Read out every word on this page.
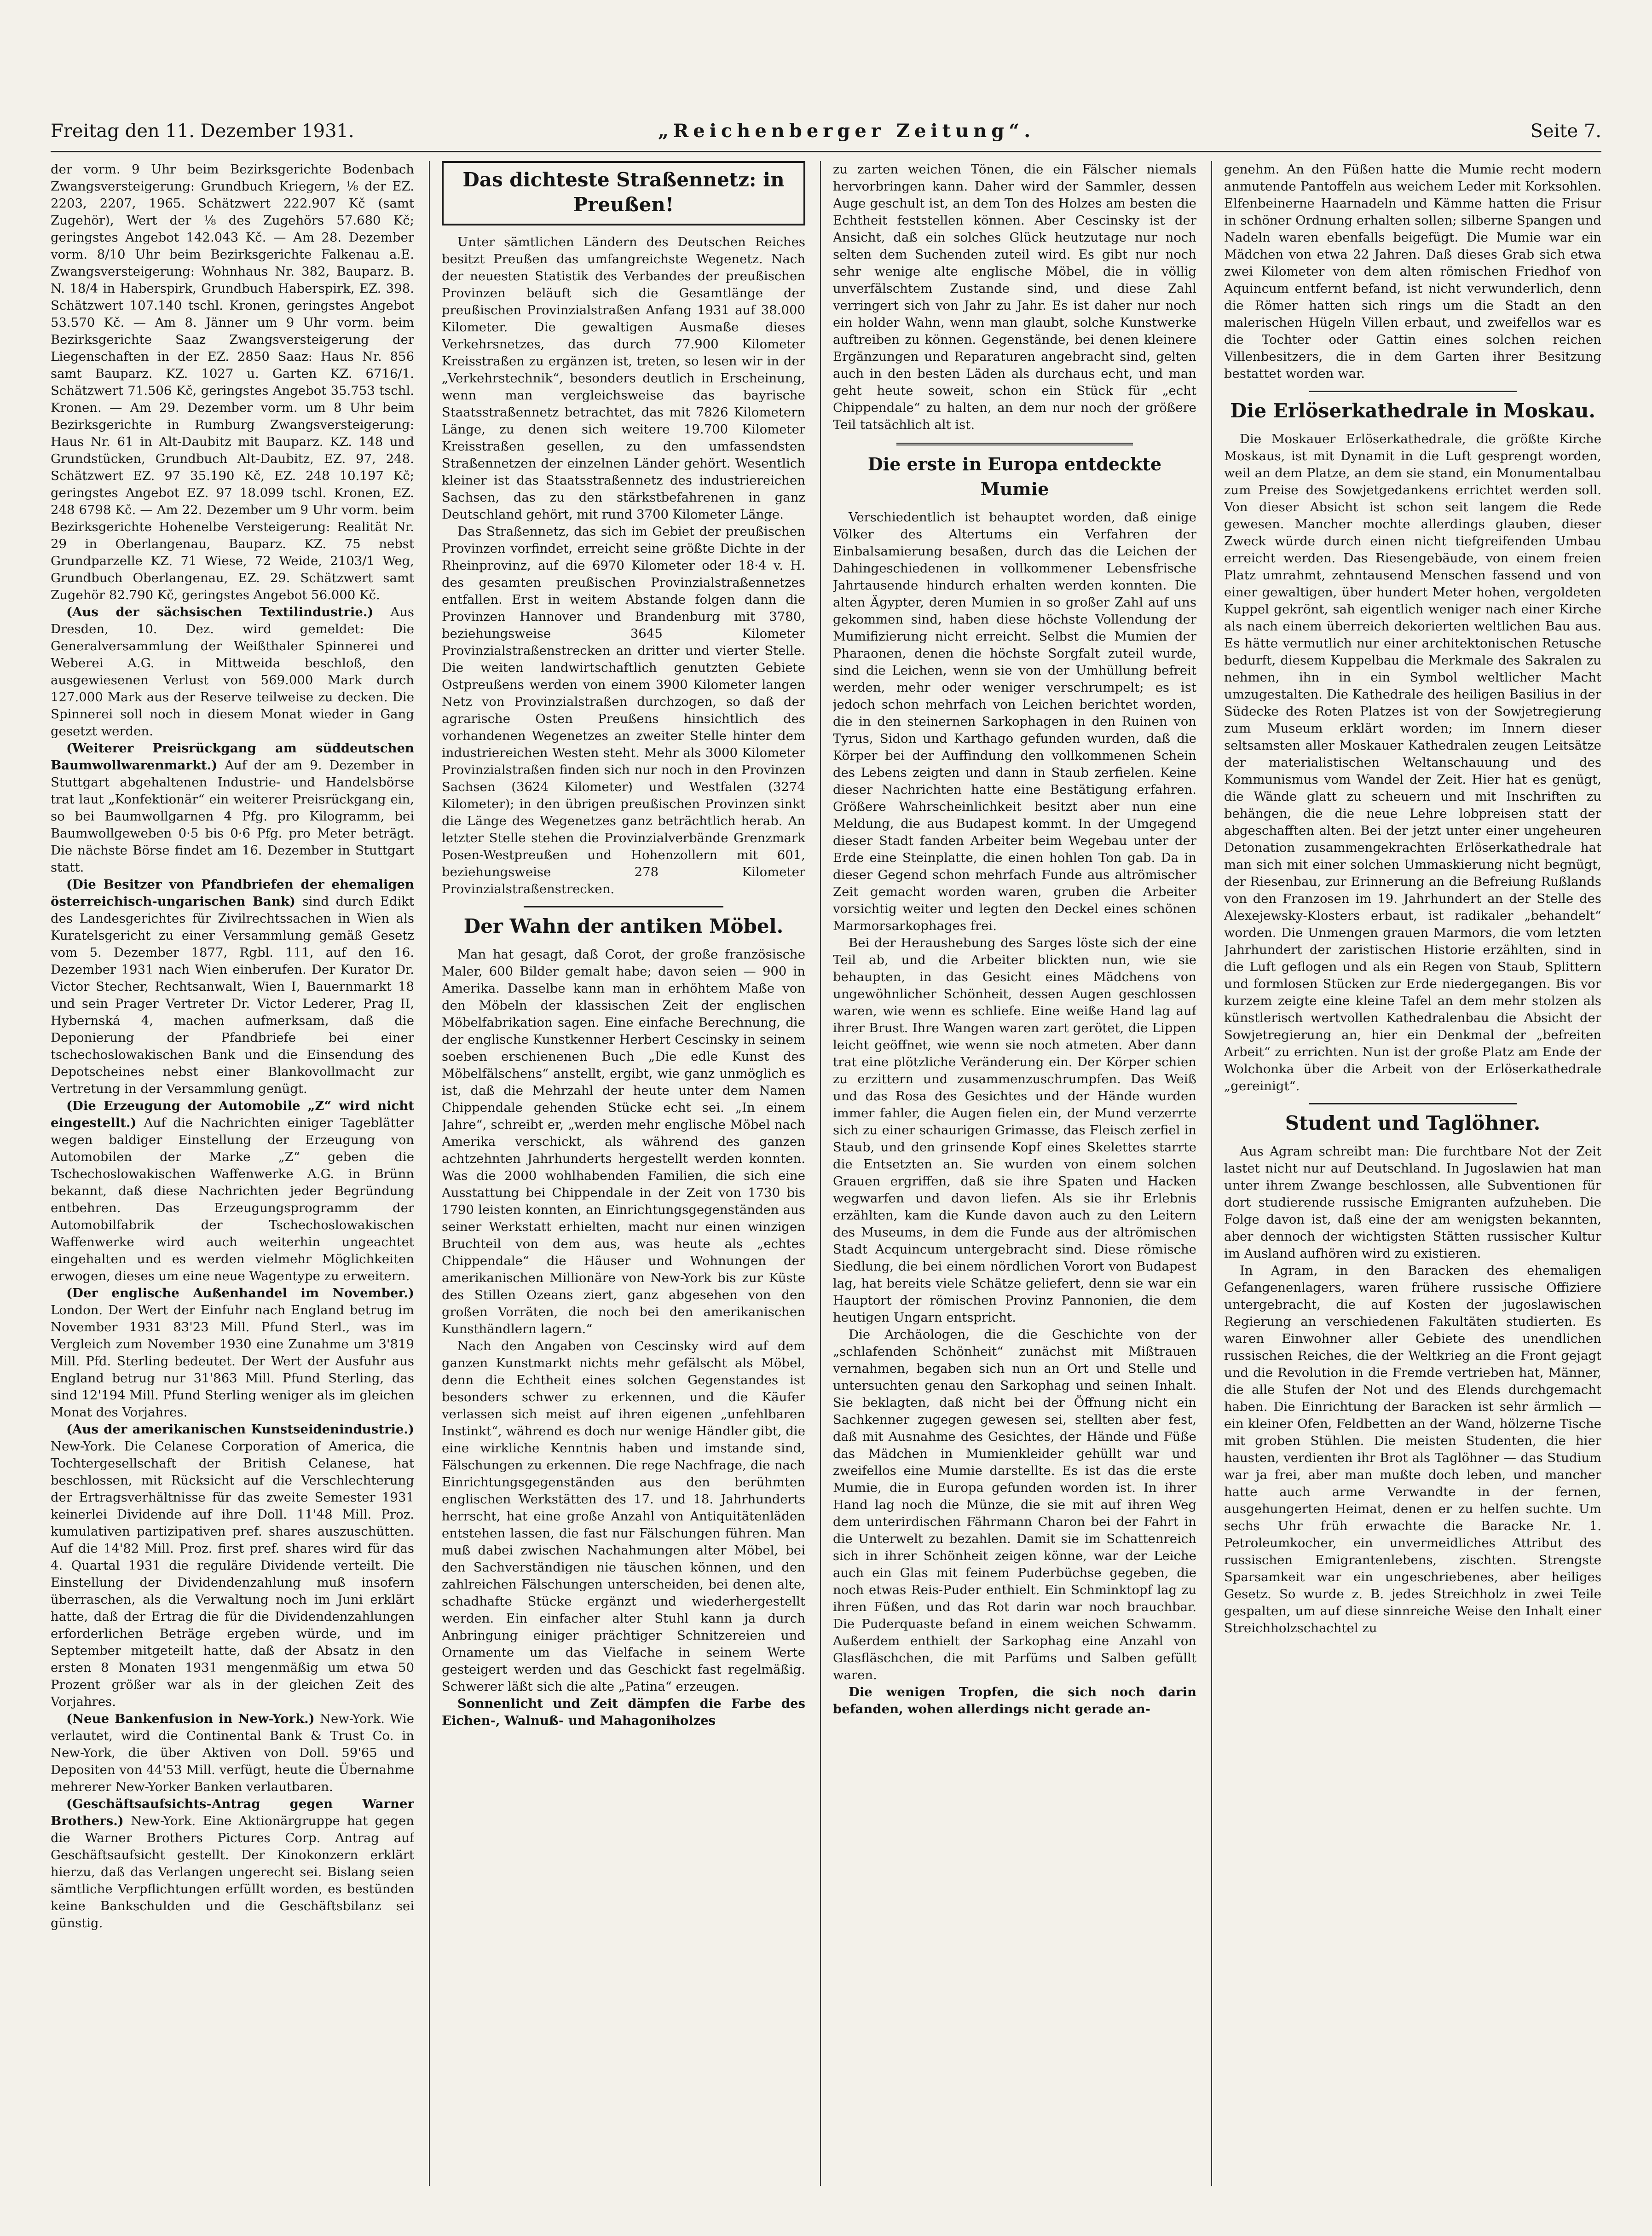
Freitag den 11. Dezember 1931.	„Reichenberger Zeitung“.	Seite 7.

der vorm. 9 Uhr beim Bezirksgerichte Bodenbach Zwangsversteigerung: Grundbuch Kriegern, ⅛ der EZ. 2203, 2207, 1965. Schätzwert 222.907 Kč (samt Zugehör), Wert der ⅛ des Zugehörs 57.680 Kč; geringstes Angebot 142.043 Kč. — Am 28. Dezember vorm. 8/10 Uhr beim Bezirksgerichte Falkenau a.E. Zwangsversteigerung: Wohnhaus Nr. 382, Bauparz. B. N. 18/4 in Haberspirk, Grundbuch Haberspirk, EZ. 398. Schätzwert 107.140 tschl. Kronen, geringstes Angebot 53.570 Kč. — Am 8. Jänner um 9 Uhr vorm. beim Bezirksgerichte Saaz Zwangsversteigerung der Liegenschaften in der EZ. 2850 Saaz: Haus Nr. 856 samt Bauparz. KZ. 1027 u. Garten KZ. 6716/1. Schätzwert 71.506 Kč, geringstes Angebot 35.753 tschl. Kronen. — Am 29. Dezember vorm. um 8 Uhr beim Bezirksgerichte in Rumburg Zwangsversteigerung: Haus Nr. 61 in Alt-Daubitz mit Bauparz. KZ. 148 und Grundstücken, Grundbuch Alt-Daubitz, EZ. 97, 248. Schätzwert EZ. 97 35.190 Kč, EZ. 248 10.197 Kč; geringstes Angebot EZ. 97 18.099 tschl. Kronen, EZ. 248 6798 Kč. — Am 22. Dezember um 9 Uhr vorm. beim Bezirksgerichte Hohenelbe Versteigerung: Realität Nr. 29 in Oberlangenau, Bauparz. KZ. 75 nebst Grundparzelle KZ. 71 Wiese, 72 Weide, 2103/1 Weg, Grundbuch Oberlangenau, EZ. 29. Schätzwert samt Zugehör 82.790 Kč, geringstes Angebot 56.000 Kč.

(Aus der sächsischen Textilindustrie.) Aus Dresden, 10. Dez. wird gemeldet: Die Generalversammlung der Weißthaler Spinnerei und Weberei A.G. in Mittweida beschloß, den ausgewiesenen Verlust von 569.000 Mark durch 127.000 Mark aus der Reserve teilweise zu decken. Die Spinnerei soll noch in diesem Monat wieder in Gang gesetzt werden.

(Weiterer Preisrückgang am süddeutschen Baumwollwarenmarkt.) Auf der am 9. Dezember in Stuttgart abgehaltenen Industrie- und Handelsbörse trat laut „Konfektionär“ ein weiterer Preisrückgang ein, so bei Baumwollgarnen 4 Pfg. pro Kilogramm, bei Baumwollgeweben 0·5 bis 0·6 Pfg. pro Meter beträgt. Die nächste Börse findet am 16. Dezember in Stuttgart statt.

(Die Besitzer von Pfandbriefen der ehemaligen österreichisch-ungarischen Bank) sind durch Edikt des Landesgerichtes für Zivilrechtssachen in Wien als Kuratelsgericht zu einer Versammlung gemäß Gesetz vom 5. Dezember 1877, Rgbl. 111, auf den 16. Dezember 1931 nach Wien einberufen. Der Kurator Dr. Victor Stecher, Rechtsanwalt, Wien I, Bauernmarkt 18 und sein Prager Vertreter Dr. Victor Lederer, Prag II, Hybernská 4, machen aufmerksam, daß die Deponierung der Pfandbriefe bei einer tschechoslowakischen Bank und die Einsendung des Depotscheines nebst einer Blankovollmacht zur Vertretung in der Versammlung genügt.

(Die Erzeugung der Automobile „Z“ wird nicht eingestellt.) Auf die Nachrichten einiger Tageblätter wegen baldiger Einstellung der Erzeugung von Automobilen der Marke „Z“ geben die Tschechoslowakischen Waffenwerke A.G. in Brünn bekannt, daß diese Nachrichten jeder Begründung entbehren. Das Erzeugungsprogramm der Automobilfabrik der Tschechoslowakischen Waffenwerke wird auch weiterhin ungeachtet eingehalten und es werden vielmehr Möglichkeiten erwogen, dieses um eine neue Wagentype zu erweitern.

(Der englische Außenhandel im November.) London. Der Wert der Einfuhr nach England betrug im November 1931 83'23 Mill. Pfund Sterl., was im Vergleich zum November 1930 eine Zunahme um 3'819 Mill. Pfd. Sterling bedeutet. Der Wert der Ausfuhr aus England betrug nur 31'863 Mill. Pfund Sterling, das sind 12'194 Mill. Pfund Sterling weniger als im gleichen Monat des Vorjahres.

(Aus der amerikanischen Kunstseidenindustrie.) New-York. Die Celanese Corporation of America, die Tochtergesellschaft der British Celanese, hat beschlossen, mit Rücksicht auf die Verschlechterung der Ertragsverhältnisse für das zweite Semester 1931 keinerlei Dividende auf ihre Doll. 11'48 Mill. Proz. kumulativen partizipativen pref. shares auszuschütten. Auf die 14'82 Mill. Proz. first pref. shares wird für das 4. Quartal 1931 die reguläre Dividende verteilt. Die Einstellung der Dividendenzahlung muß insofern überraschen, als die Verwaltung noch im Juni erklärt hatte, daß der Ertrag die für die Dividendenzahlungen erforderlichen Beträge ergeben würde, und im September mitgeteilt hatte, daß der Absatz in den ersten 8 Monaten 1931 mengenmäßig um etwa 50 Prozent größer war als in der gleichen Zeit des Vorjahres.

(Neue Bankenfusion in New-York.) New-York. Wie verlautet, wird die Continental Bank & Trust Co. in New-York, die über Aktiven von Doll. 59'65 und Depositen von 44'53 Mill. verfügt, heute die Übernahme mehrerer New-Yorker Banken verlautbaren.

(Geschäftsaufsichts-Antrag gegen Warner Brothers.) New-York. Eine Aktionärgruppe hat gegen die Warner Brothers Pictures Corp. Antrag auf Geschäftsaufsicht gestellt. Der Kinokonzern erklärt hierzu, daß das Verlangen ungerecht sei. Bislang seien sämtliche Verpflichtungen erfüllt worden, es bestünden keine Bankschulden und die Geschäftsbilanz sei günstig.

Das dichteste Straßennetz: in Preußen!

Unter sämtlichen Ländern des Deutschen Reiches besitzt Preußen das umfangreichste Wegenetz. Nach der neuesten Statistik des Verbandes der preußischen Provinzen beläuft sich die Gesamtlänge der preußischen Provinzialstraßen Anfang 1931 auf 38.000 Kilometer. Die gewaltigen Ausmaße dieses Verkehrsnetzes, das durch 77.900 Kilometer Kreisstraßen zu ergänzen ist, treten, so lesen wir in der „Verkehrstechnik“, besonders deutlich in Erscheinung, wenn man vergleichsweise das bayrische Staatsstraßennetz betrachtet, das mit 7826 Kilometern Länge, zu denen sich weitere 19.700 Kilometer Kreisstraßen gesellen, zu den umfassendsten Straßennetzen der einzelnen Länder gehört. Wesentlich kleiner ist das Staatsstraßennetz des industriereichen Sachsen, das zu den stärkstbefahrenen in ganz Deutschland gehört, mit rund 3700 Kilometer Länge.

Das Straßennetz, das sich im Gebiet der preußischen Provinzen vorfindet, erreicht seine größte Dichte in der Rheinprovinz, auf die 6970 Kilometer oder 18·4 v. H. des gesamten preußischen Provinzialstraßennetzes entfallen. Erst in weitem Abstande folgen dann die Provinzen Hannover und Brandenburg mit 3780, beziehungsweise 3645 Kilometer Provinzialstraßenstrecken an dritter und vierter Stelle. Die weiten landwirtschaftlich genutzten Gebiete Ostpreußens werden von einem 3900 Kilometer langen Netz von Provinzialstraßen durchzogen, so daß der agrarische Osten Preußens hinsichtlich des vorhandenen Wegenetzes an zweiter Stelle hinter dem industriereichen Westen steht. Mehr als 3000 Kilometer Provinzialstraßen finden sich nur noch in den Provinzen Sachsen (3624 Kilometer) und Westfalen (3274 Kilometer); in den übrigen preußischen Provinzen sinkt die Länge des Wegenetzes ganz beträchtlich herab. An letzter Stelle stehen die Provinzialverbände Grenzmark Posen-Westpreußen und Hohenzollern mit 601, beziehungsweise 278 Kilometer Provinzialstraßenstrecken.

Der Wahn der antiken Möbel.

Man hat gesagt, daß Corot, der große französische Maler, 600 Bilder gemalt habe; davon seien — 900 in Amerika. Dasselbe kann man in erhöhtem Maße von den Möbeln der klassischen Zeit der englischen Möbelfabrikation sagen. Eine einfache Berechnung, die der englische Kunstkenner Herbert Cescinsky in seinem soeben erschienenen Buch „Die edle Kunst des Möbelfälschens“ anstellt, ergibt, wie ganz unmöglich es ist, daß die Mehrzahl der heute unter dem Namen Chippendale gehenden Stücke echt sei. „In einem Jahre“, schreibt er, „werden mehr englische Möbel nach Amerika verschickt, als während des ganzen achtzehnten Jahrhunderts hergestellt werden konnten. Was die 2000 wohlhabenden Familien, die sich eine Ausstattung bei Chippendale in der Zeit von 1730 bis 1790 leisten konnten, an Einrichtungsgegenständen aus seiner Werkstatt erhielten, macht nur einen winzigen Bruchteil von dem aus, was heute als „echtes Chippendale“ die Häuser und Wohnungen der amerikanischen Millionäre von New-York bis zur Küste des Stillen Ozeans ziert, ganz abgesehen von den großen Vorräten, die noch bei den amerikanischen Kunsthändlern lagern.“

Nach den Angaben von Cescinsky wird auf dem ganzen Kunstmarkt nichts mehr gefälscht als Möbel, denn die Echtheit eines solchen Gegenstandes ist besonders schwer zu erkennen, und die Käufer verlassen sich meist auf ihren eigenen „unfehlbaren Instinkt“, während es doch nur wenige Händler gibt, die eine wirkliche Kenntnis haben und imstande sind, Fälschungen zu erkennen. Die rege Nachfrage, die nach Einrichtungsgegenständen aus den berühmten englischen Werkstätten des 17. und 18. Jahrhunderts herrscht, hat eine große Anzahl von Antiquitätenläden entstehen lassen, die fast nur Fälschungen führen. Man muß dabei zwischen Nachahmungen alter Möbel, bei den Sachverständigen nie täuschen können, und den zahlreichen Fälschungen unterscheiden, bei denen alte, schadhafte Stücke ergänzt und wiederhergestellt werden. Ein einfacher alter Stuhl kann ja durch Anbringung einiger prächtiger Schnitzereien und Ornamente um das Vielfache in seinem Werte gesteigert werden und das Geschickt fast regelmäßig. Schwerer läßt sich die alte „Patina“ erzeugen.

Sonnenlicht und Zeit dämpfen die Farbe des Eichen-, Walnuß- und Mahagoniholzes

zu zarten weichen Tönen, die ein Fälscher niemals hervorbringen kann. Daher wird der Sammler, dessen Auge geschult ist, an dem Ton des Holzes am besten die Echtheit feststellen können. Aber Cescinsky ist der Ansicht, daß ein solches Glück heutzutage nur noch selten dem Suchenden zuteil wird. Es gibt nur noch sehr wenige alte englische Möbel, die in völlig unverfälschtem Zustande sind, und diese Zahl verringert sich von Jahr zu Jahr. Es ist daher nur noch ein holder Wahn, wenn man glaubt, solche Kunstwerke auftreiben zu können. Gegenstände, bei denen kleinere Ergänzungen und Reparaturen angebracht sind, gelten auch in den besten Läden als durchaus echt, und man geht heute soweit, schon ein Stück für „echt Chippendale“ zu halten, an dem nur noch der größere Teil tatsächlich alt ist.

Die erste in Europa entdeckte Mumie

Verschiedentlich ist behauptet worden, daß einige Völker des Altertums ein Verfahren der Einbalsamierung besaßen, durch das die Leichen der Dahingeschiedenen in vollkommener Lebensfrische Jahrtausende hindurch erhalten werden konnten. Die alten Ägypter, deren Mumien in so großer Zahl auf uns gekommen sind, haben diese höchste Vollendung der Mumifizierung nicht erreicht. Selbst die Mumien der Pharaonen, denen die höchste Sorgfalt zuteil wurde, sind die Leichen, wenn sie von der Umhüllung befreit werden, mehr oder weniger verschrumpelt; es ist jedoch schon mehrfach von Leichen berichtet worden, die in den steinernen Sarkophagen in den Ruinen von Tyrus, Sidon und Karthago gefunden wurden, daß die Körper bei der Auffindung den vollkommenen Schein des Lebens zeigten und dann in Staub zerfielen. Keine dieser Nachrichten hatte eine Bestätigung erfahren. Größere Wahrscheinlichkeit besitzt aber nun eine Meldung, die aus Budapest kommt. In der Umgegend dieser Stadt fanden Arbeiter beim Wegebau unter der Erde eine Steinplatte, die einen hohlen Ton gab. Da in dieser Gegend schon mehrfach Funde aus altrömischer Zeit gemacht worden waren, gruben die Arbeiter vorsichtig weiter und legten den Deckel eines schönen Marmorsarkophages frei.

Bei der Heraushebung des Sarges löste sich der eine Teil ab, und die Arbeiter blickten nun, wie sie behaupten, in das Gesicht eines Mädchens von ungewöhnlicher Schönheit, dessen Augen geschlossen waren, wie wenn es schliefe. Eine weiße Hand lag auf ihrer Brust. Ihre Wangen waren zart gerötet, die Lippen leicht geöffnet, wie wenn sie noch atmeten. Aber dann trat eine plötzliche Veränderung ein. Der Körper schien zu erzittern und zusammenzuschrumpfen. Das Weiß und das Rosa des Gesichtes und der Hände wurden immer fahler, die Augen fielen ein, der Mund verzerrte sich zu einer schaurigen Grimasse, das Fleisch zerfiel in Staub, und den grinsende Kopf eines Skelettes starrte die Entsetzten an. Sie wurden von einem solchen Grauen ergriffen, daß sie ihre Spaten und Hacken wegwarfen und davon liefen. Als sie ihr Erlebnis erzählten, kam die Kunde davon auch zu den Leitern des Museums, in dem die Funde aus der altrömischen Stadt Acquincum untergebracht sind. Diese römische Siedlung, die bei einem nördlichen Vorort von Budapest lag, hat bereits viele Schätze geliefert, denn sie war ein Hauptort der römischen Provinz Pannonien, die dem heutigen Ungarn entspricht.

Die Archäologen, die die Geschichte von der „schlafenden Schönheit“ zunächst mit Mißtrauen vernahmen, begaben sich nun an Ort und Stelle und untersuchten genau den Sarkophag und seinen Inhalt. Sie beklagten, daß nicht bei der Öffnung nicht ein Sachkenner zugegen gewesen sei, stellten aber fest, daß mit Ausnahme des Gesichtes, der Hände und Füße das Mädchen in Mumienkleider gehüllt war und zweifellos eine Mumie darstellte. Es ist das die erste Mumie, die in Europa gefunden worden ist. In ihrer Hand lag noch die Münze, die sie mit auf ihren Weg dem unterirdischen Fährmann Charon bei der Fahrt in die Unterwelt zu bezahlen. Damit sie im Schattenreich sich in ihrer Schönheit zeigen könne, war der Leiche auch ein Glas mit feinem Puderbüchse gegeben, die noch etwas Reis-Puder enthielt. Ein Schminktopf lag zu ihren Füßen, und das Rot darin war noch brauchbar. Die Puderquaste befand in einem weichen Schwamm. Außerdem enthielt der Sarkophag eine Anzahl von Glasfläschchen, die mit Parfüms und Salben gefüllt waren.

Die wenigen Tropfen, die sich noch darin befanden, wohen allerdings nicht gerade an-

genehm. An den Füßen hatte die Mumie recht modern anmutende Pantoffeln aus weichem Leder mit Korksohlen. Elfenbeinerne Haarnadeln und Kämme hatten die Frisur in schöner Ordnung erhalten sollen; silberne Spangen und Nadeln waren ebenfalls beigefügt. Die Mumie war ein Mädchen von etwa 22 Jahren. Daß dieses Grab sich etwa zwei Kilometer von dem alten römischen Friedhof von Aquincum entfernt befand, ist nicht verwunderlich, denn die Römer hatten sich rings um die Stadt an den malerischen Hügeln Villen erbaut, und zweifellos war es die Tochter oder Gattin eines solchen reichen Villenbesitzers, die in dem Garten ihrer Besitzung bestattet worden war.

Die Erlöserkathedrale in Moskau.

Die Moskauer Erlöserkathedrale, die größte Kirche Moskaus, ist mit Dynamit in die Luft gesprengt worden, weil an dem Platze, an dem sie stand, ein Monumentalbau zum Preise des Sowjetgedankens errichtet werden soll. Von dieser Absicht ist schon seit langem die Rede gewesen. Mancher mochte allerdings glauben, dieser Zweck würde durch einen nicht tiefgreifenden Umbau erreicht werden. Das Riesengebäude, von einem freien Platz umrahmt, zehntausend Menschen fassend und von einer gewaltigen, über hundert Meter hohen, vergoldeten Kuppel gekrönt, sah eigentlich weniger nach einer Kirche als nach einem überreich dekorierten weltlichen Bau aus. Es hätte vermutlich nur einer architektonischen Retusche bedurft, diesem Kuppelbau die Merkmale des Sakralen zu nehmen, ihn in ein Symbol weltlicher Macht umzugestalten. Die Kathedrale des heiligen Basilius in der Südecke des Roten Platzes ist von der Sowjetregierung zum Museum erklärt worden; im Innern dieser seltsamsten aller Moskauer Kathedralen zeugen Leitsätze der materialistischen Weltanschauung und des Kommunismus vom Wandel der Zeit. Hier hat es genügt, die Wände glatt zu scheuern und mit Inschriften zu behängen, die die neue Lehre lobpreisen statt der abgeschafften alten. Bei der jetzt unter einer ungeheuren Detonation zusammengekrachten Erlöserkathedrale hat man sich mit einer solchen Ummaskierung nicht begnügt, der Riesenbau, zur Erinnerung an die Befreiung Rußlands von den Franzosen im 19. Jahrhundert an der Stelle des Alexejewsky-Klosters erbaut, ist radikaler „behandelt“ worden. Die Unmengen grauen Marmors, die vom letzten Jahrhundert der zaristischen Historie erzählten, sind in die Luft geflogen und als ein Regen von Staub, Splittern und formlosen Stücken zur Erde niedergegangen. Bis vor kurzem zeigte eine kleine Tafel an dem mehr stolzen als künstlerisch wertvollen Kathedralenbau die Absicht der Sowjetregierung an, hier ein Denkmal der „befreiten Arbeit“ zu errichten. Nun ist der große Platz am Ende der Wolchonka über die Arbeit von der Erlöserkathedrale „gereinigt“.

Student und Taglöhner.

Aus Agram schreibt man: Die furchtbare Not der Zeit lastet nicht nur auf Deutschland. In Jugoslawien hat man unter ihrem Zwange beschlossen, alle Subventionen für dort studierende russische Emigranten aufzuheben. Die Folge davon ist, daß eine der am wenigsten bekannten, aber dennoch der wichtigsten Stätten russischer Kultur im Ausland aufhören wird zu existieren.

In Agram, in den Baracken des ehemaligen Gefangenenlagers, waren frühere russische Offiziere untergebracht, die auf Kosten der jugoslawischen Regierung an verschiedenen Fakultäten studierten. Es waren Einwohner aller Gebiete des unendlichen russischen Reiches, die der Weltkrieg an die Front gejagt und die Revolution in die Fremde vertrieben hat, Männer, die alle Stufen der Not und des Elends durchgemacht haben. Die Einrichtung der Baracken ist sehr ärmlich — ein kleiner Ofen, Feldbetten an der Wand, hölzerne Tische mit groben Stühlen. Die meisten Studenten, die hier hausten, verdienten ihr Brot als Taglöhner — das Studium war ja frei, aber man mußte doch leben, und mancher hatte auch arme Verwandte in der fernen, ausgehungerten Heimat, denen er zu helfen suchte. Um sechs Uhr früh erwachte die Baracke Nr. 1. Petroleumkocher, ein unvermeidliches Attribut des russischen Emigrantenlebens, zischten. Strengste Sparsamkeit war ein ungeschriebenes, aber heiliges Gesetz. So wurde z. B. jedes Streichholz in zwei Teile gespalten, um auf diese sinnreiche Weise den Inhalt einer Streichholzschachtel zu
